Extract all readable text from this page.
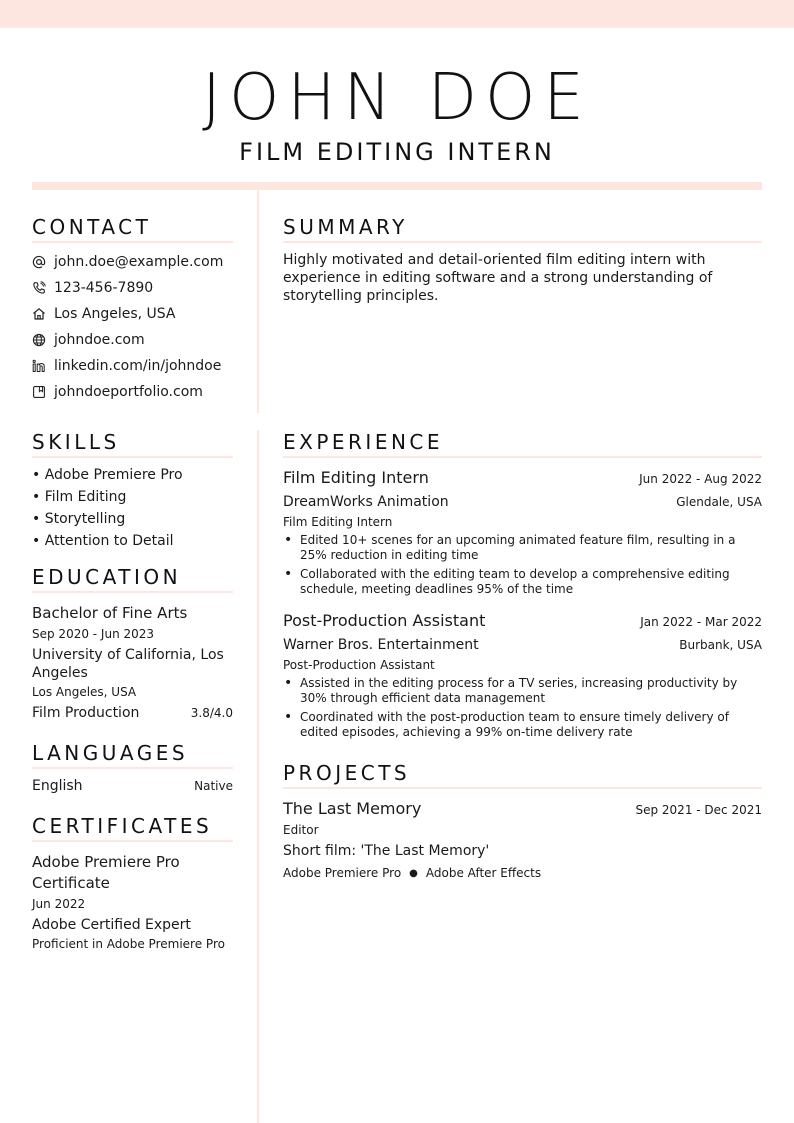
JOHN DOE
FILM EDITING INTERN
CONTACT
john.doe@example.com
123-456-7890
Los Angeles, USA
johndoe.com
linkedin.com/in/johndoe
johndoeportfolio.com
SKILLS
• Adobe Premiere Pro
• Film Editing
• Storytelling
• Attention to Detail
EDUCATION
Bachelor of Fine Arts
Sep 2020 - Jun 2023
University of California, Los Angeles
Los Angeles, USA
Film Production	3.8/4.0
LANGUAGES
English	Native
CERTIFICATES
Adobe Premiere Pro Certificate
Jun 2022
Adobe Certified Expert
Proficient in Adobe Premiere Pro
SUMMARY
Highly motivated and detail-oriented film editing intern with experience in editing software and a strong understanding of storytelling principles.
EXPERIENCE
Film Editing Intern	Jun 2022 - Aug 2022
DreamWorks Animation	Glendale, USA
Film Editing Intern
• Edited 10+ scenes for an upcoming animated feature film, resulting in a 25% reduction in editing time
• Collaborated with the editing team to develop a comprehensive editing schedule, meeting deadlines 95% of the time
Post-Production Assistant	Jan 2022 - Mar 2022
Warner Bros. Entertainment	Burbank, USA
Post-Production Assistant
• Assisted in the editing process for a TV series, increasing productivity by 30% through efficient data management
• Coordinated with the post-production team to ensure timely delivery of edited episodes, achieving a 99% on-time delivery rate
PROJECTS
The Last Memory	Sep 2021 - Dec 2021
Editor
Short film: 'The Last Memory'
Adobe Premiere Pro ● Adobe After Effects
